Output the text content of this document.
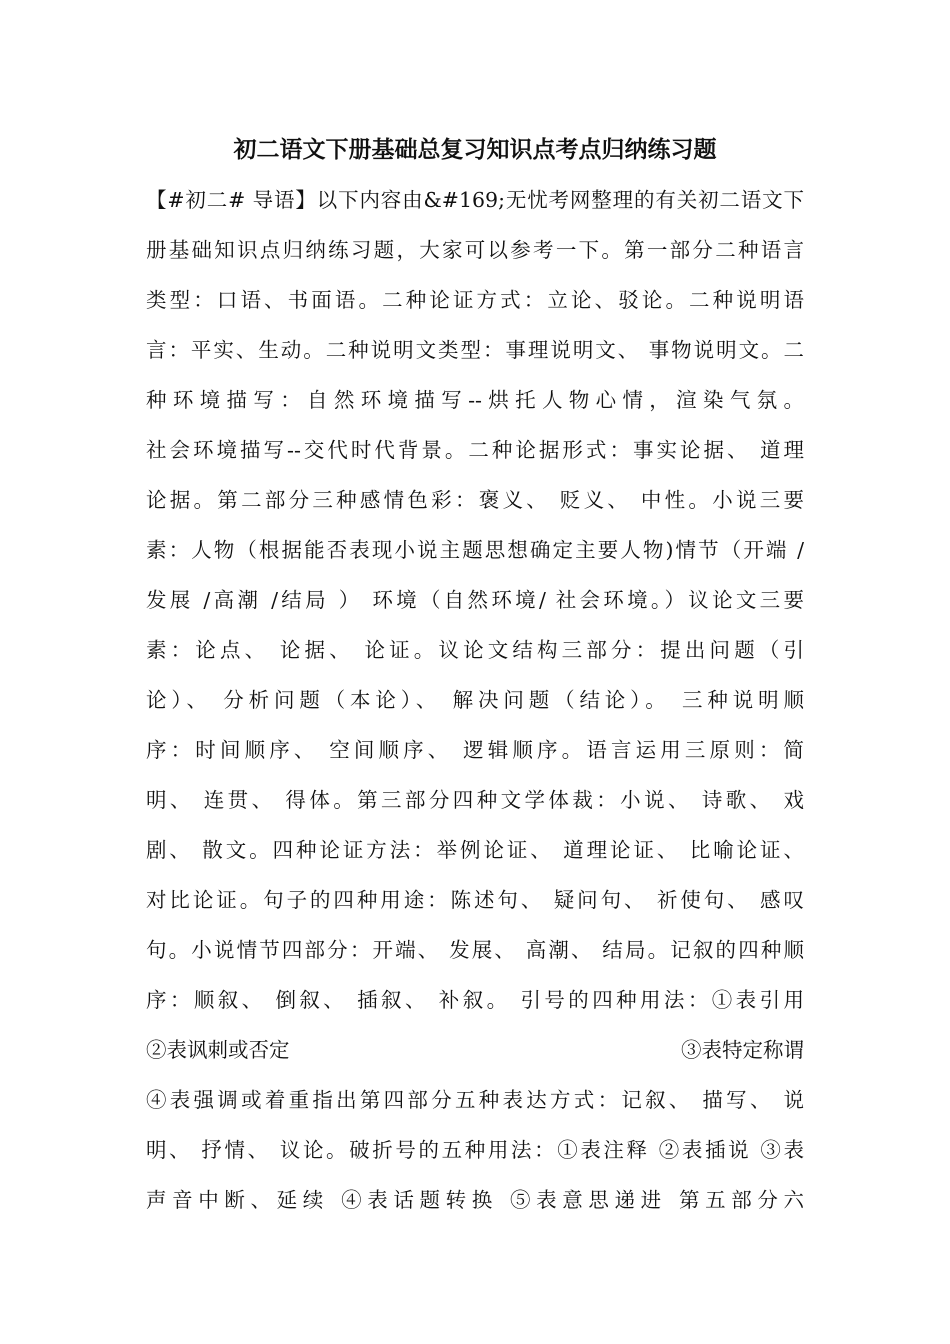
初二语文下册基础总复习知识点考点归纳练习题
【#初二# 导语】以下内容由&#169;无忧考网整理的有关初二语文下
册基础知识点归纳练习题，大家可以参考一下。第一部分二种语言
类型：口语、书面语。二种论证方式：立论、驳论。二种说明语
言：平实、生动。二种说明文类型：事理说明文、 事物说明文。二
种环境描写：自然环境描写--烘托人物心情，渲染气氛。
社会环境描写--交代时代背景。二种论据形式：事实论据、 道理
论据。第二部分三种感情色彩：褒义、 贬义、 中性。小说三要
素：人物（根据能否表现小说主题思想确定主要人物)情节（开端 /
发展 /高潮 /结局 ） 环境（自然环境/ 社会环境。）议论文三要
素：论点、 论据、 论证。议论文结构三部分：提出问题（引
论）、 分析问题（本论）、 解决问题（结论）。 三种说明顺
序：时间顺序、 空间顺序、 逻辑顺序。语言运用三原则：简
明、 连贯、 得体。第三部分四种文学体裁：小说、 诗歌、 戏
剧、 散文。四种论证方法：举例论证、 道理论证、 比喻论证、
对比论证。句子的四种用途：陈述句、 疑问句、 祈使句、 感叹
句。小说情节四部分：开端、 发展、 高潮、 结局。记叙的四种顺
序：顺叙、 倒叙、 插叙、 补叙。 引号的四种用法：①表引用
②表讽刺或否定	③表特定称谓
④表强调或着重指出第四部分五种表达方式：记叙、 描写、 说
明、 抒情、 议论。破折号的五种用法：①表注释 ②表插说 ③表
声音中断、延续 ④表话题转换 ⑤表意思递进 第五部分六
